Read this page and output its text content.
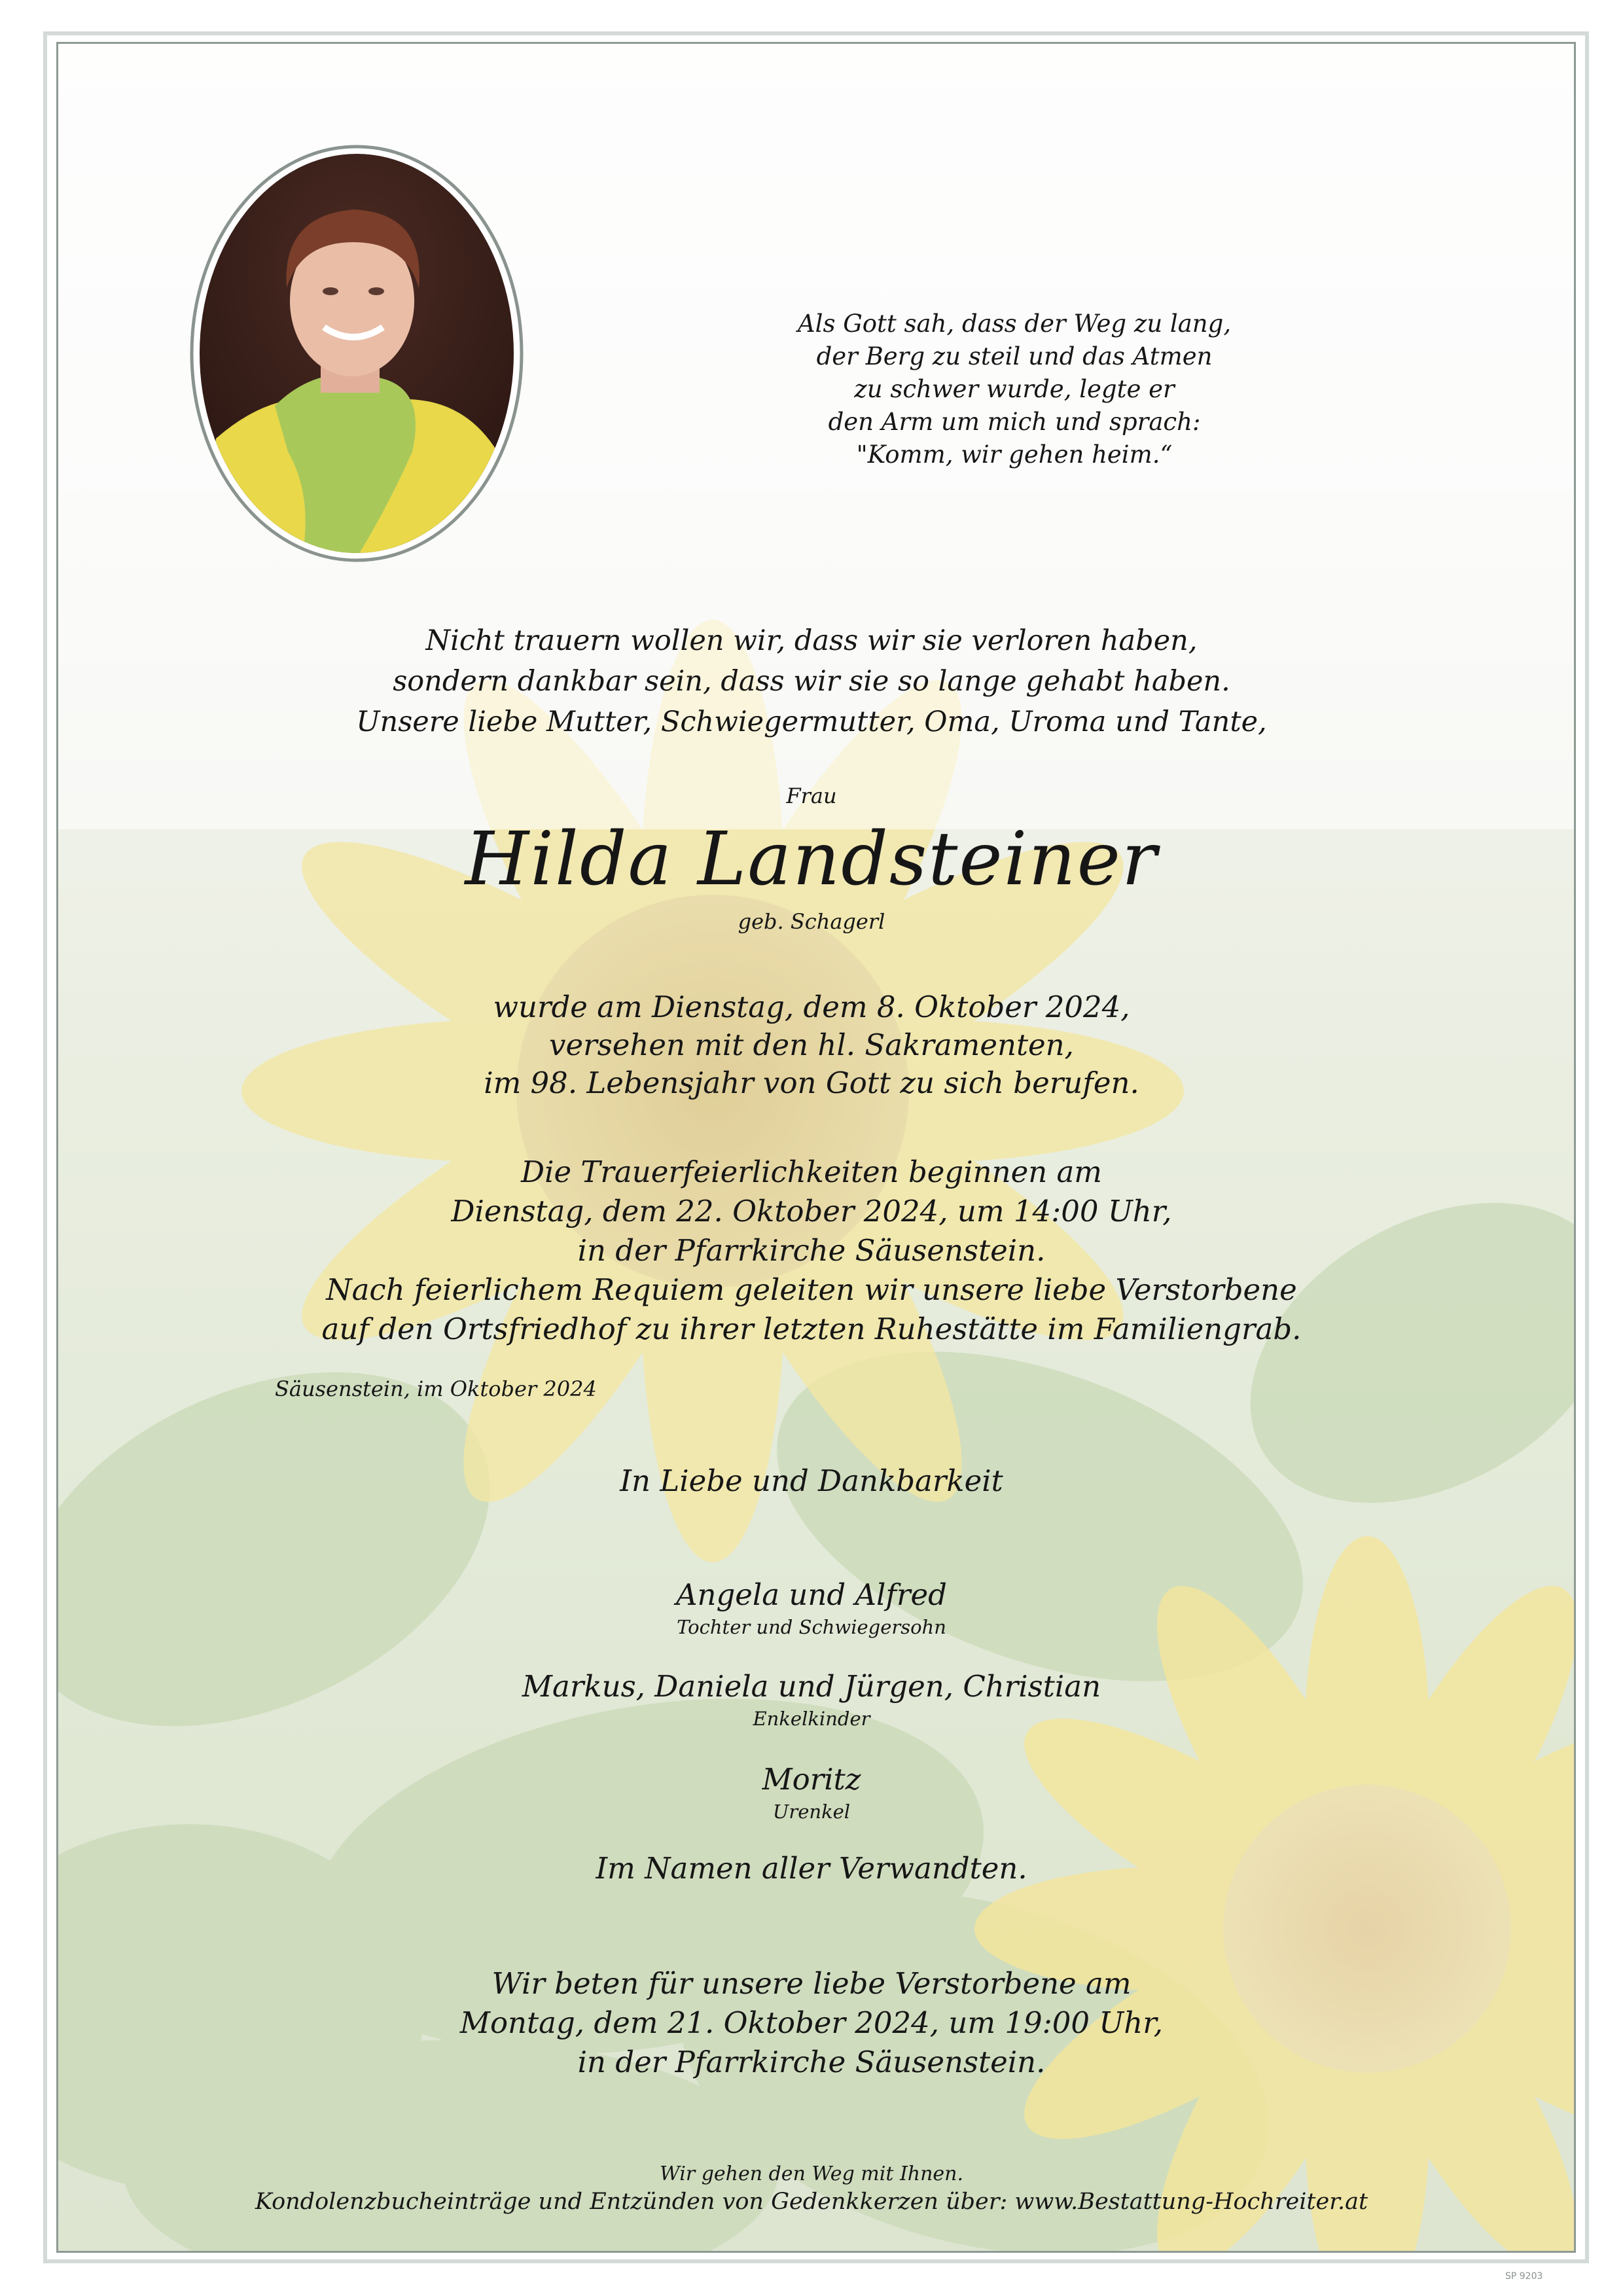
Als Gott sah, dass der Weg zu lang,
der Berg zu steil und das Atmen
zu schwer wurde, legte er
den Arm um mich und sprach:
"Komm, wir gehen heim.“
Nicht trauern wollen wir, dass wir sie verloren haben,
sondern dankbar sein, dass wir sie so lange gehabt haben.
Unsere liebe Mutter, Schwiegermutter, Oma, Uroma und Tante,
Frau
Hilda Landsteiner
geb. Schagerl
wurde am Dienstag, dem 8. Oktober 2024,
versehen mit den hl. Sakramenten,
im 98. Lebensjahr von Gott zu sich berufen.
Die Trauerfeierlichkeiten beginnen am
Dienstag, dem 22. Oktober 2024, um 14:00 Uhr,
in der Pfarrkirche Säusenstein.
Nach feierlichem Requiem geleiten wir unsere liebe Verstorbene
auf den Ortsfriedhof zu ihrer letzten Ruhestätte im Familiengrab.
Säusenstein, im Oktober 2024
In Liebe und Dankbarkeit
Angela und Alfred
Tochter und Schwiegersohn
Markus, Daniela und Jürgen, Christian
Enkelkinder
Moritz
Urenkel
Im Namen aller Verwandten.
Wir beten für unsere liebe Verstorbene am
Montag, dem 21. Oktober 2024, um 19:00 Uhr,
in der Pfarrkirche Säusenstein.
Wir gehen den Weg mit Ihnen.
Kondolenzbucheinträge und Entzünden von Gedenkkerzen über: www.Bestattung-Hochreiter.at
SP 9203
